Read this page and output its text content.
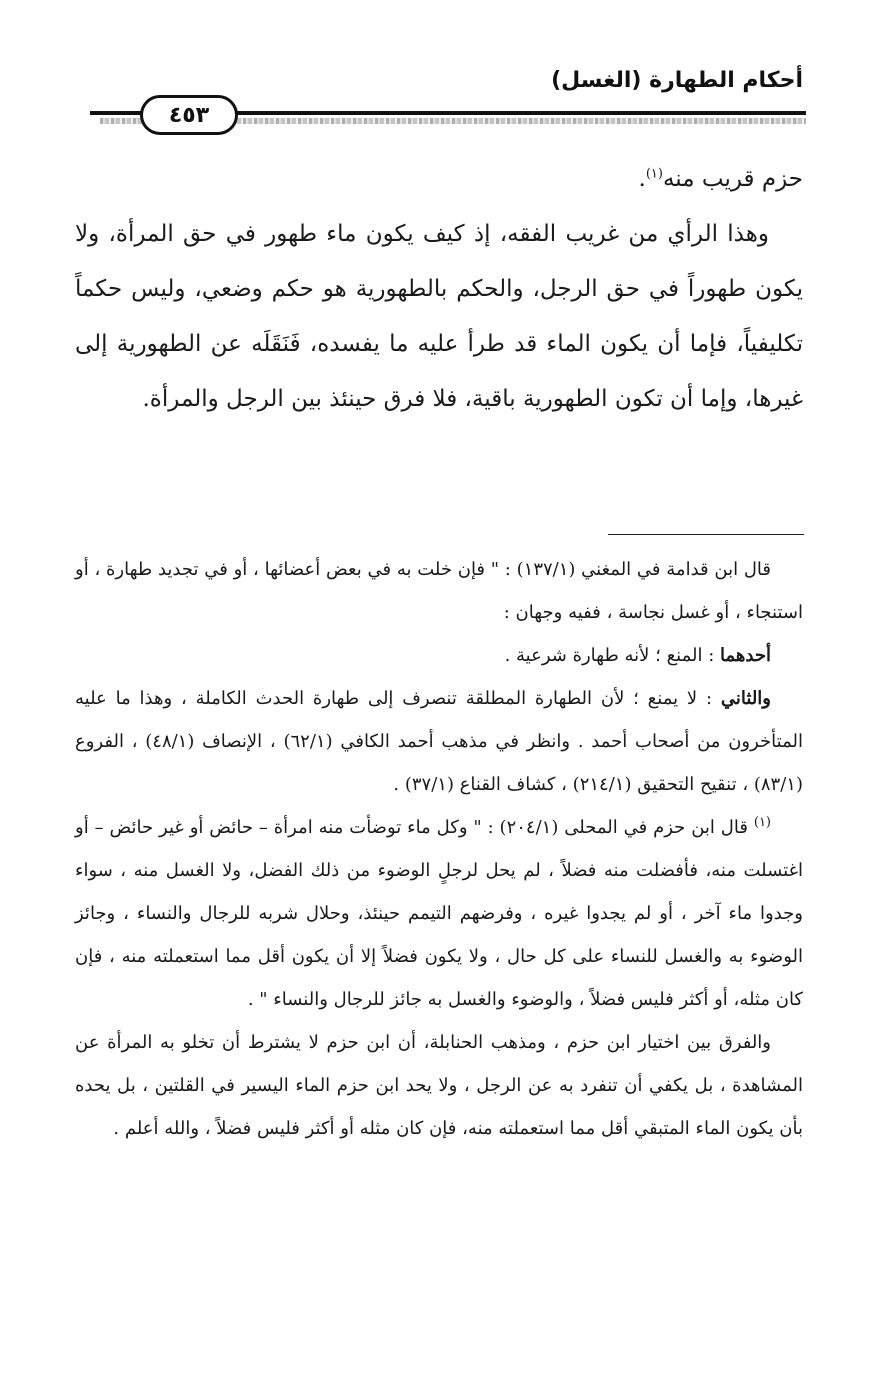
أحكام الطهارة (الغسل)
٤٥٣

حزم قريب منه$^{(١)}$.

وهذا الرأي من غريب الفقه، إذ كيف يكون ماء طهور في حق المرأة، ولا يكون طهوراً في حق الرجل، والحكم بالطهورية هو حكم وضعي، وليس حكماً تكليفياً، فإما أن يكون الماء قد طرأ عليه ما يفسده، فَنَقَلَه عن الطهورية إلى غيرها، وإما أن تكون الطهورية باقية، فلا فرق حينئذ بين الرجل والمرأة.

قال ابن قدامة في المغني (١٣٧/١) : " فإن خلت به في بعض أعضائها ، أو في تجديد طهارة ، أو استنجاء ، أو غسل نجاسة ، ففيه وجهان :

أحدهما : المنع ؛ لأنه طهارة شرعية .

والثاني : لا يمنع ؛ لأن الطهارة المطلقة تنصرف إلى طهارة الحدث الكاملة ، وهذا ما عليه المتأخرون من أصحاب أحمد . وانظر في مذهب أحمد الكافي (٦٢/١) ، الإنصاف (٤٨/١) ، الفروع (٨٣/١) ، تنقيح التحقيق (٢١٤/١) ، كشاف القناع (٣٧/١) .

$^{(١)}$ قال ابن حزم في المحلى (٢٠٤/١) : " وكل ماء توضأت منه امرأة – حائض أو غير حائض – أو اغتسلت منه، فأفضلت منه فضلاً ، لم يحل لرجلٍ الوضوء من ذلك الفضل، ولا الغسل منه ، سواء وجدوا ماء آخر ، أو لم يجدوا غيره ، وفرضهم التيمم حينئذ، وحلال شربه للرجال والنساء ، وجائز الوضوء به والغسل للنساء على كل حال ، ولا يكون فضلاً إلا أن يكون أقل مما استعملته منه ، فإن كان مثله، أو أكثر فليس فضلاً ، والوضوء والغسل به جائز للرجال والنساء " .

والفرق بين اختيار ابن حزم ، ومذهب الحنابلة، أن ابن حزم لا يشترط أن تخلو به المرأة عن المشاهدة ، بل يكفي أن تنفرد به عن الرجل ، ولا يحد ابن حزم الماء اليسير في القلتين ، بل يحده بأن يكون الماء المتبقي أقل مما استعملته منه، فإن كان مثله أو أكثر فليس فضلاً ، والله أعلم .
